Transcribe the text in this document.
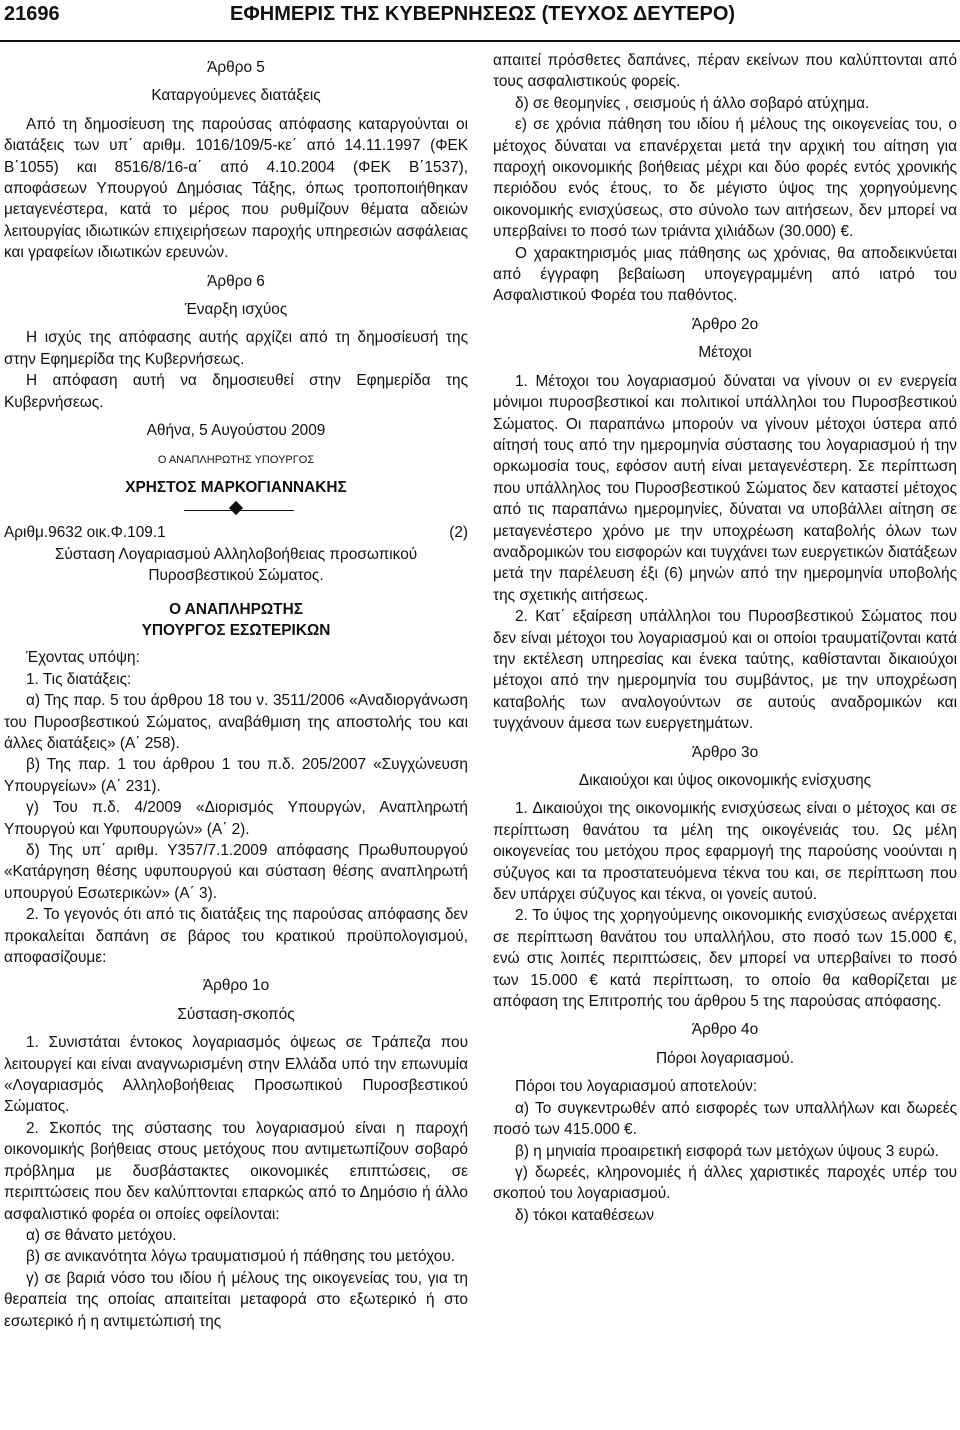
21696	ΕΦΗΜΕΡΙΣ ΤΗΣ ΚΥΒΕΡΝΗΣΕΩΣ (ΤΕΥΧΟΣ ΔΕΥΤΕΡΟ)

Άρθρο 5

Καταργούμενες διατάξεις

Από τη δημοσίευση της παρούσας απόφασης καταργούνται οι διατάξεις των υπ΄ αριθμ. 1016/109/5-κε΄ από 14.11.1997 (ΦΕΚ Β΄1055) και 8516/8/16-α΄ από 4.10.2004 (ΦΕΚ Β΄1537), αποφάσεων Υπουργού Δημόσιας Τάξης, όπως τροποποιήθηκαν μεταγενέστερα, κατά το μέρος που ρυθμίζουν θέματα αδειών λειτουργίας ιδιωτικών επιχειρήσεων παροχής υπηρεσιών ασφάλειας και γραφείων ιδιωτικών ερευνών.

Άρθρο 6

Έναρξη ισχύος

Η ισχύς της απόφασης αυτής αρχίζει από τη δημοσίευσή της στην Εφημερίδα της Κυβερνήσεως.

Η απόφαση αυτή να δημοσιευθεί στην Εφημερίδα της Κυβερνήσεως.

Αθήνα, 5 Αυγούστου 2009

Ο ΑΝΑΠΛΗΡΩΤΗΣ ΥΠΟΥΡΓΟΣ

ΧΡΗΣΤΟΣ ΜΑΡΚΟΓΙΑΝΝΑΚΗΣ

Αριθμ.9632 οικ.Φ.109.1	(2)

Σύσταση Λογαριασμού Αλληλοβοήθειας προσωπικού Πυροσβεστικού Σώματος.

Ο ΑΝΑΠΛΗΡΩΤΗΣ

ΥΠΟΥΡΓΟΣ ΕΣΩΤΕΡΙΚΩΝ

Έχοντας υπόψη:

1. Τις διατάξεις:

α) Της παρ. 5 του άρθρου 18 του ν. 3511/2006 «Αναδιοργάνωση του Πυροσβεστικού Σώματος, αναβάθμιση της αποστολής του και άλλες διατάξεις» (Α΄ 258).

β) Της παρ. 1 του άρθρου 1 του π.δ. 205/2007 «Συγχώνευση Υπουργείων» (Α΄ 231).

γ) Του π.δ. 4/2009 «Διορισμός Υπουργών, Αναπληρωτή Υπουργού και Υφυπουργών» (Α΄ 2).

δ) Της υπ΄ αριθμ. Υ357/7.1.2009 απόφασης Πρωθυπουργού «Κατάργηση θέσης υφυπουργού και σύσταση θέσης αναπληρωτή υπουργού Εσωτερικών» (Α΄ 3).

2. Το γεγονός ότι από τις διατάξεις της παρούσας απόφασης δεν προκαλείται δαπάνη σε βάρος του κρατικού προϋπολογισμού, αποφασίζουμε:

Άρθρο 1ο

Σύσταση-σκοπός

1. Συνιστάται έντοκος λογαριασμός όψεως σε Τράπεζα που λειτουργεί και είναι αναγνωρισμένη στην Ελλάδα υπό την επωνυμία «Λογαριασμός Αλληλοβοήθειας Προσωπικού Πυροσβεστικού Σώματος.

2. Σκοπός της σύστασης του λογαριασμού είναι η παροχή οικονομικής βοήθειας στους μετόχους που αντιμετωπίζουν σοβαρό πρόβλημα με δυσβάστακτες οικονομικές επιπτώσεις, σε περιπτώσεις που δεν καλύπτονται επαρκώς από το Δημόσιο ή άλλο ασφαλιστικό φορέα οι οποίες οφείλονται:

α) σε θάνατο μετόχου.

β) σε ανικανότητα λόγω τραυματισμού ή πάθησης του μετόχου.

γ) σε βαριά νόσο του ιδίου ή μέλους της οικογενείας του, για τη θεραπεία της οποίας απαιτείται μεταφορά στο εξωτερικό ή στο εσωτερικό ή η αντιμετώπισή της

απαιτεί πρόσθετες δαπάνες, πέραν εκείνων που καλύπτονται από τους ασφαλιστικούς φορείς.

δ) σε θεομηνίες , σεισμούς ή άλλο σοβαρό ατύχημα.

ε) σε χρόνια πάθηση του ιδίου ή μέλους της οικογενείας του, ο μέτοχος δύναται να επανέρχεται μετά την αρχική του αίτηση για παροχή οικονομικής βοήθειας μέχρι και δύο φορές εντός χρονικής περιόδου ενός έτους, το δε μέγιστο ύψος της χορηγούμενης οικονομικής ενισχύσεως, στο σύνολο των αιτήσεων, δεν μπορεί να υπερβαίνει το ποσό των τριάντα χιλιάδων (30.000) €.

Ο χαρακτηρισμός μιας πάθησης ως χρόνιας, θα αποδεικνύεται από έγγραφη βεβαίωση υπογεγραμμένη από ιατρό του Ασφαλιστικού Φορέα του παθόντος.

Άρθρο 2ο

Μέτοχοι

1. Μέτοχοι του λογαριασμού δύναται να γίνουν οι εν ενεργεία μόνιμοι πυροσβεστικοί και πολιτικοί υπάλληλοι του Πυροσβεστικού Σώματος. Οι παραπάνω μπορούν να γίνουν μέτοχοι ύστερα από αίτησή τους από την ημερομηνία σύστασης του λογαριασμού ή την ορκωμοσία τους, εφόσον αυτή είναι μεταγενέστερη. Σε περίπτωση που υπάλληλος του Πυροσβεστικού Σώματος δεν καταστεί μέτοχος από τις παραπάνω ημερομηνίες, δύναται να υποβάλλει αίτηση σε μεταγενέστερο χρόνο με την υποχρέωση καταβολής όλων των αναδρομικών του εισφορών και τυγχάνει των ευεργετικών διατάξεων μετά την παρέλευση έξι (6) μηνών από την ημερομηνία υποβολής της σχετικής αιτήσεως.

2. Κατ΄ εξαίρεση υπάλληλοι του Πυροσβεστικού Σώματος που δεν είναι μέτοχοι του λογαριασμού και οι οποίοι τραυματίζονται κατά την εκτέλεση υπηρεσίας και ένεκα ταύτης, καθίστανται δικαιούχοι μέτοχοι από την ημερομηνία του συμβάντος, με την υποχρέωση καταβολής των αναλογούντων σε αυτούς αναδρομικών και τυγχάνουν άμεσα των ευεργετημάτων.

Άρθρο 3ο

Δικαιούχοι και ύψος οικονομικής ενίσχυσης

1. Δικαιούχοι της οικονομικής ενισχύσεως είναι ο μέτοχος και σε περίπτωση θανάτου τα μέλη της οικογένειάς του. Ως μέλη οικογενείας του μετόχου προς εφαρμογή της παρούσης νοούνται η σύζυγος και τα προστατευόμενα τέκνα του και, σε περίπτωση που δεν υπάρχει σύζυγος και τέκνα, οι γονείς αυτού.

2. Το ύψος της χορηγούμενης οικονομικής ενισχύσεως ανέρχεται σε περίπτωση θανάτου του υπαλλήλου, στο ποσό των 15.000 €, ενώ στις λοιπές περιπτώσεις, δεν μπορεί να υπερβαίνει το ποσό των 15.000 € κατά περίπτωση, το οποίο θα καθορίζεται με απόφαση της Επιτροπής του άρθρου 5 της παρούσας απόφασης.

Άρθρο 4ο

Πόροι λογαριασμού.

Πόροι του λογαριασμού αποτελούν:

α) Το συγκεντρωθέν από εισφορές των υπαλλήλων και δωρεές ποσό των 415.000 €.

β) η μηνιαία προαιρετική εισφορά των μετόχων ύψους 3 ευρώ.

γ) δωρεές, κληρονομιές ή άλλες χαριστικές παροχές υπέρ του σκοπού του λογαριασμού.

δ) τόκοι καταθέσεων
